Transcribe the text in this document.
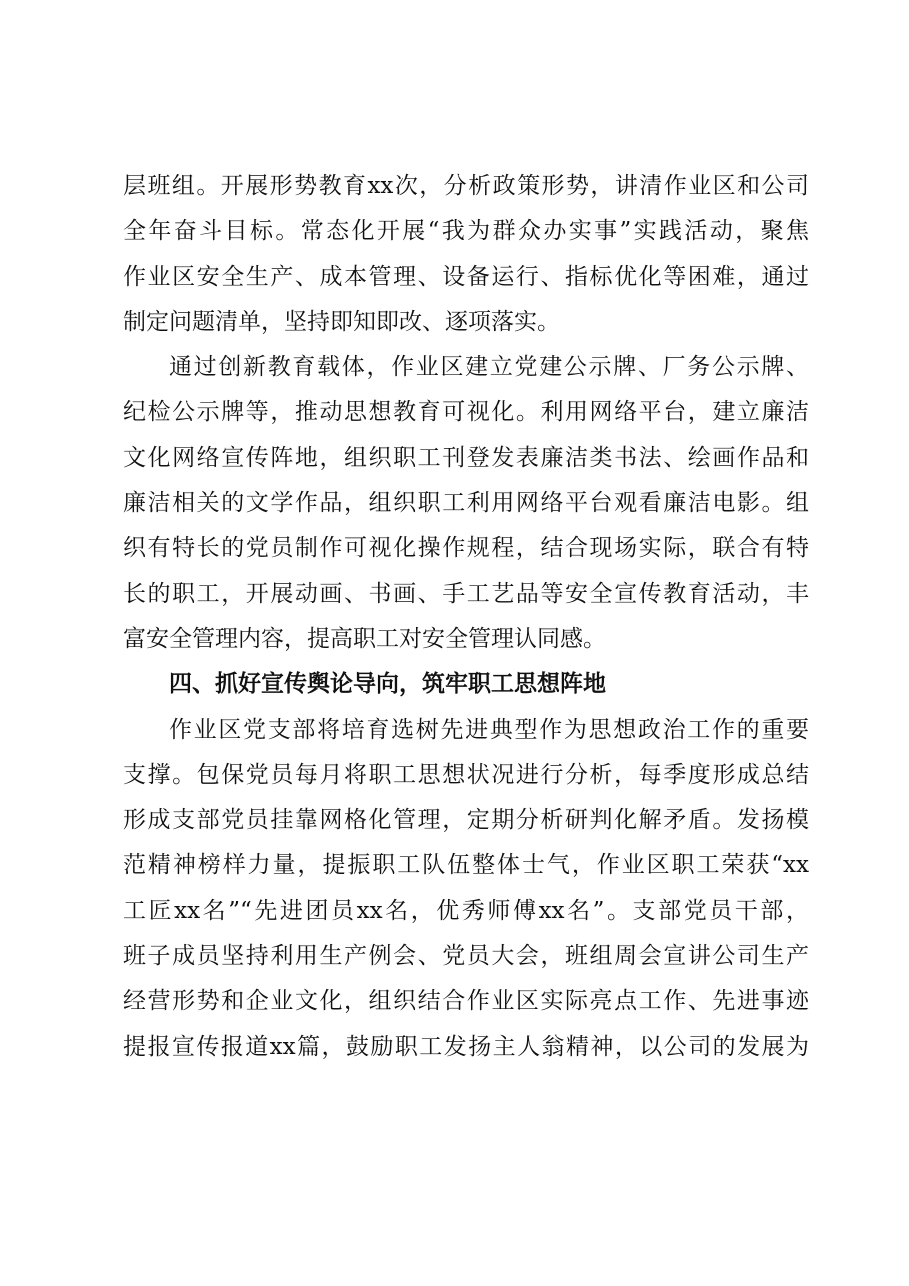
层班组。开展形势教育xx次，分析政策形势，讲清作业区和公司
全年奋斗目标。常态化开展“我为群众办实事”实践活动，聚焦
作业区安全生产、成本管理、设备运行、指标优化等困难，通过
制定问题清单，坚持即知即改、逐项落实。

通过创新教育载体，作业区建立党建公示牌、厂务公示牌、
纪检公示牌等，推动思想教育可视化。利用网络平台，建立廉洁
文化网络宣传阵地，组织职工刊登发表廉洁类书法、绘画作品和
廉洁相关的文学作品，组织职工利用网络平台观看廉洁电影。组
织有特长的党员制作可视化操作规程，结合现场实际，联合有特
长的职工，开展动画、书画、手工艺品等安全宣传教育活动，丰
富安全管理内容，提高职工对安全管理认同感。

四、抓好宣传舆论导向，筑牢职工思想阵地

作业区党支部将培育选树先进典型作为思想政治工作的重要
支撑。包保党员每月将职工思想状况进行分析，每季度形成总结
形成支部党员挂靠网格化管理，定期分析研判化解矛盾。发扬模
范精神榜样力量，提振职工队伍整体士气，作业区职工荣获“xx
工匠xx名”“先进团员xx名，优秀师傅xx名”。支部党员干部，
班子成员坚持利用生产例会、党员大会，班组周会宣讲公司生产
经营形势和企业文化，组织结合作业区实际亮点工作、先进事迹
提报宣传报道xx篇，鼓励职工发扬主人翁精神，以公司的发展为
